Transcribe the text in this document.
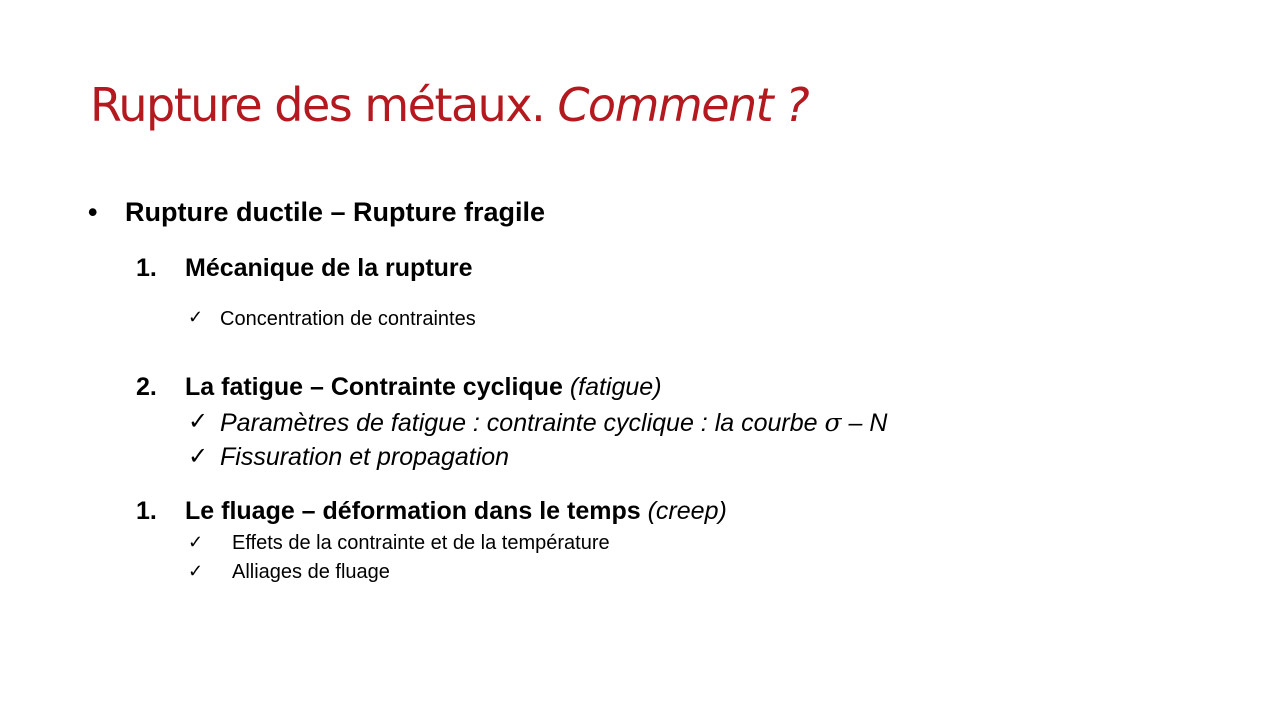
Rupture des métaux. Comment ?
• Rupture ductile – Rupture fragile
1. Mécanique de la rupture
✓ Concentration de contraintes
2. La fatigue – Contrainte cyclique (fatigue)
✓ Paramètres de fatigue : contrainte cyclique : la courbe σ – N
✓ Fissuration et propagation
1. Le fluage – déformation dans le temps (creep)
✓ Effets de la contrainte et de la température
✓ Alliages de fluage
